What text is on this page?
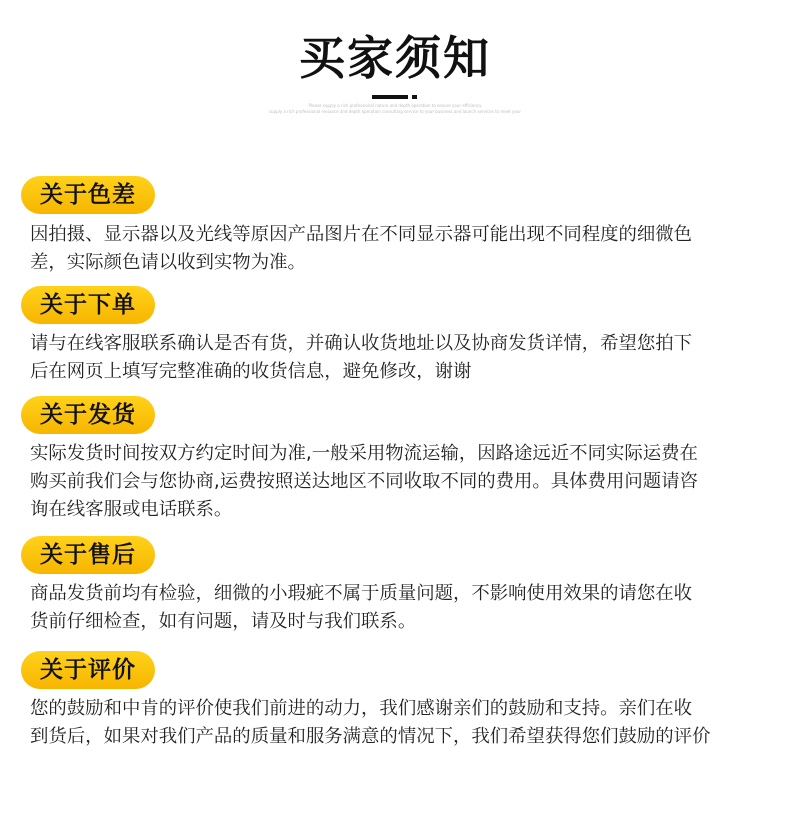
买家须知
Please supply a rich professional nature and depth operation to ensure your efficiency
supply a rich professional resource and depth operation consulting service to your business and launch services to meet your
关于色差
因拍摄、显示器以及光线等原因产品图片在不同显示器可能出现不同程度的细微色
差，实际颜色请以收到实物为准。
关于下单
请与在线客服联系确认是否有货，并确认收货地址以及协商发货详情，希望您拍下
后在网页上填写完整准确的收货信息，避免修改，谢谢
关于发货
实际发货时间按双方约定时间为准,一般采用物流运输，因路途远近不同实际运费在
购买前我们会与您协商,运费按照送达地区不同收取不同的费用。具体费用问题请咨
询在线客服或电话联系。
关于售后
商品发货前均有检验，细微的小瑕疵不属于质量问题，不影响使用效果的请您在收
货前仔细检查，如有问题，请及时与我们联系。
关于评价
您的鼓励和中肯的评价使我们前进的动力，我们感谢亲们的鼓励和支持。亲们在收
到货后，如果对我们产品的质量和服务满意的情况下，我们希望获得您们鼓励的评价
